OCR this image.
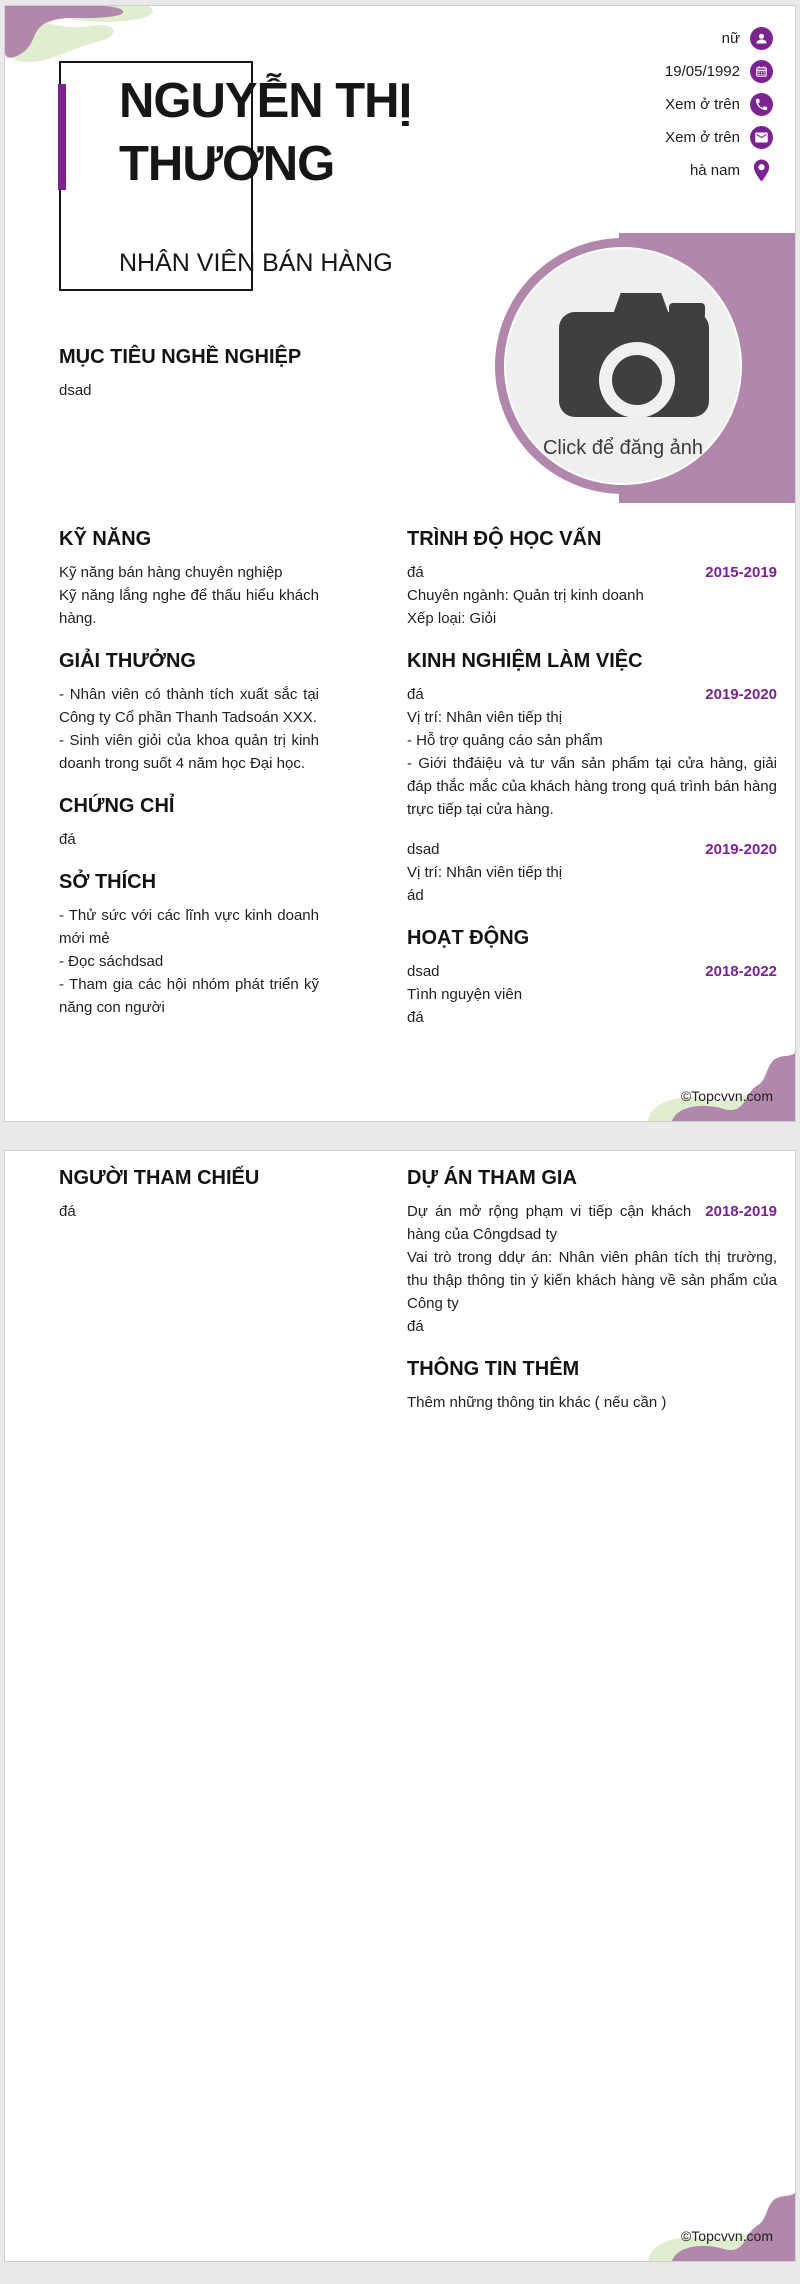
nữ
19/05/1992
Xem ở trên
Xem ở trên
hà nam
NGUYỄN THỊ
THƯƠNG
NHÂN VIÊN BÁN HÀNG
Click để đăng ảnh
MỤC TIÊU NGHỀ NGHIỆP

dsad

KỸ NĂNG

Kỹ năng bán hàng chuyên nghiệp

Kỹ năng lắng nghe để thấu hiểu khách hàng.

GIẢI THƯỞNG

- Nhân viên có thành tích xuất sắc tại Công ty Cổ phần Thanh Tadsoán XXX.

- Sinh viên giỏi của khoa quản trị kinh doanh trong suốt 4 năm học Đại học.

CHỨNG CHỈ

đá

SỞ THÍCH

- Thử sức với các lĩnh vực kinh doanh mới mẻ

- Đọc sáchdsad

- Tham gia các hội nhóm phát triển kỹ năng con người

TRÌNH ĐỘ HỌC VẤN

2015-2019
đá

Chuyên ngành: Quản trị kinh doanh

Xếp loại: Giỏi

KINH NGHIỆM LÀM VIỆC

2019-2020
đá

Vị trí: Nhân viên tiếp thị

- Hỗ trợ quảng cáo sản phẩm

- Giới thđáiệu và tư vấn sản phẩm tại cửa hàng, giải đáp thắc mắc của khách hàng trong quá trình bán hàng trực tiếp tại cửa hàng.

2019-2020
dsad

Vị trí: Nhân viên tiếp thị

ád

HOẠT ĐỘNG

2018-2022
dsad

Tình nguyện viên

đá

©Topcvvn.com
NGƯỜI THAM CHIẾU

đá

DỰ ÁN THAM GIA

2018-2019
Dự án mở rộng phạm vi tiếp cận khách hàng của Côngdsad ty

Vai trò trong ddự án: Nhân viên phân tích thị trường, thu thập thông tin ý kiến khách hàng về sản phẩm của Công ty

đá

THÔNG TIN THÊM

Thêm những thông tin khác ( nếu cần )

©Topcvvn.com
